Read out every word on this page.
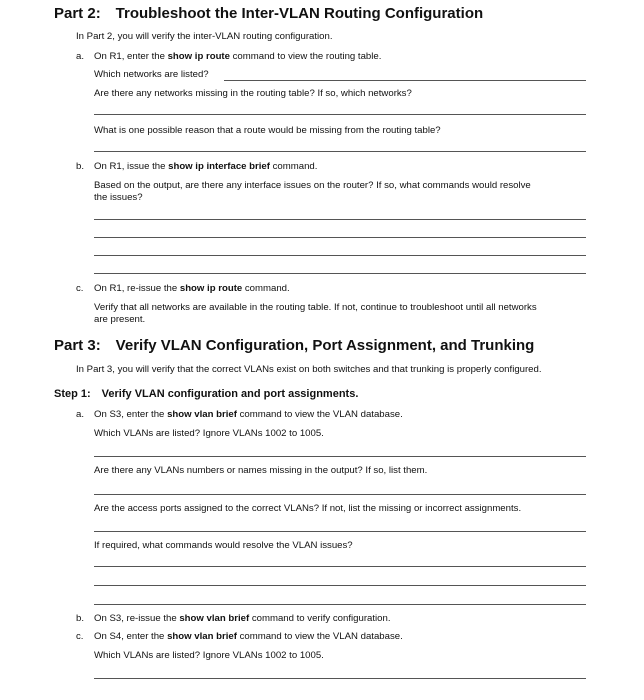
Part 2: Troubleshoot the Inter-VLAN Routing Configuration
In Part 2, you will verify the inter-VLAN routing configuration.
a. On R1, enter the show ip route command to view the routing table.
Which networks are listed?
Are there any networks missing in the routing table? If so, which networks?
What is one possible reason that a route would be missing from the routing table?
b. On R1, issue the show ip interface brief command.
Based on the output, are there any interface issues on the router? If so, what commands would resolve
the issues?
c. On R1, re-issue the show ip route command.
Verify that all networks are available in the routing table. If not, continue to troubleshoot until all networks
are present.
Part 3: Verify VLAN Configuration, Port Assignment, and Trunking
In Part 3, you will verify that the correct VLANs exist on both switches and that trunking is properly configured.
Step 1: Verify VLAN configuration and port assignments.
a. On S3, enter the show vlan brief command to view the VLAN database.
Which VLANs are listed? Ignore VLANs 1002 to 1005.
Are there any VLANs numbers or names missing in the output? If so, list them.
Are the access ports assigned to the correct VLANs? If not, list the missing or incorrect assignments.
If required, what commands would resolve the VLAN issues?
b. On S3, re-issue the show vlan brief command to verify configuration.
c. On S4, enter the show vlan brief command to view the VLAN database.
Which VLANs are listed? Ignore VLANs 1002 to 1005.
